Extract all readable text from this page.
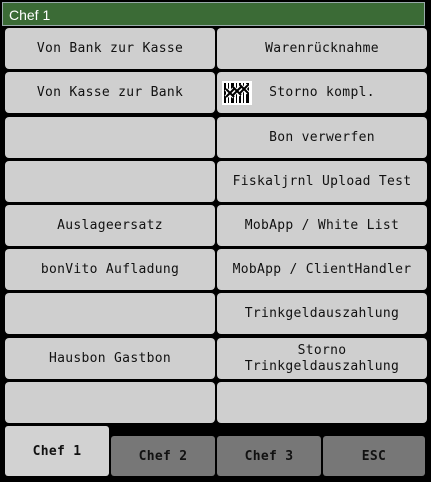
Chef 1
Von Bank zur Kasse
Von Kasse zur Bank
Auslageersatz
bonVito Aufladung
Hausbon Gastbon
Warenrücknahme
Storno kompl.
Bon verwerfen
Fiskaljrnl Upload Test
MobApp / White List
MobApp / ClientHandler
Trinkgeldauszahlung
Storno
Trinkgeldauszahlung
Chef 1	Chef 2	Chef 3	ESC
